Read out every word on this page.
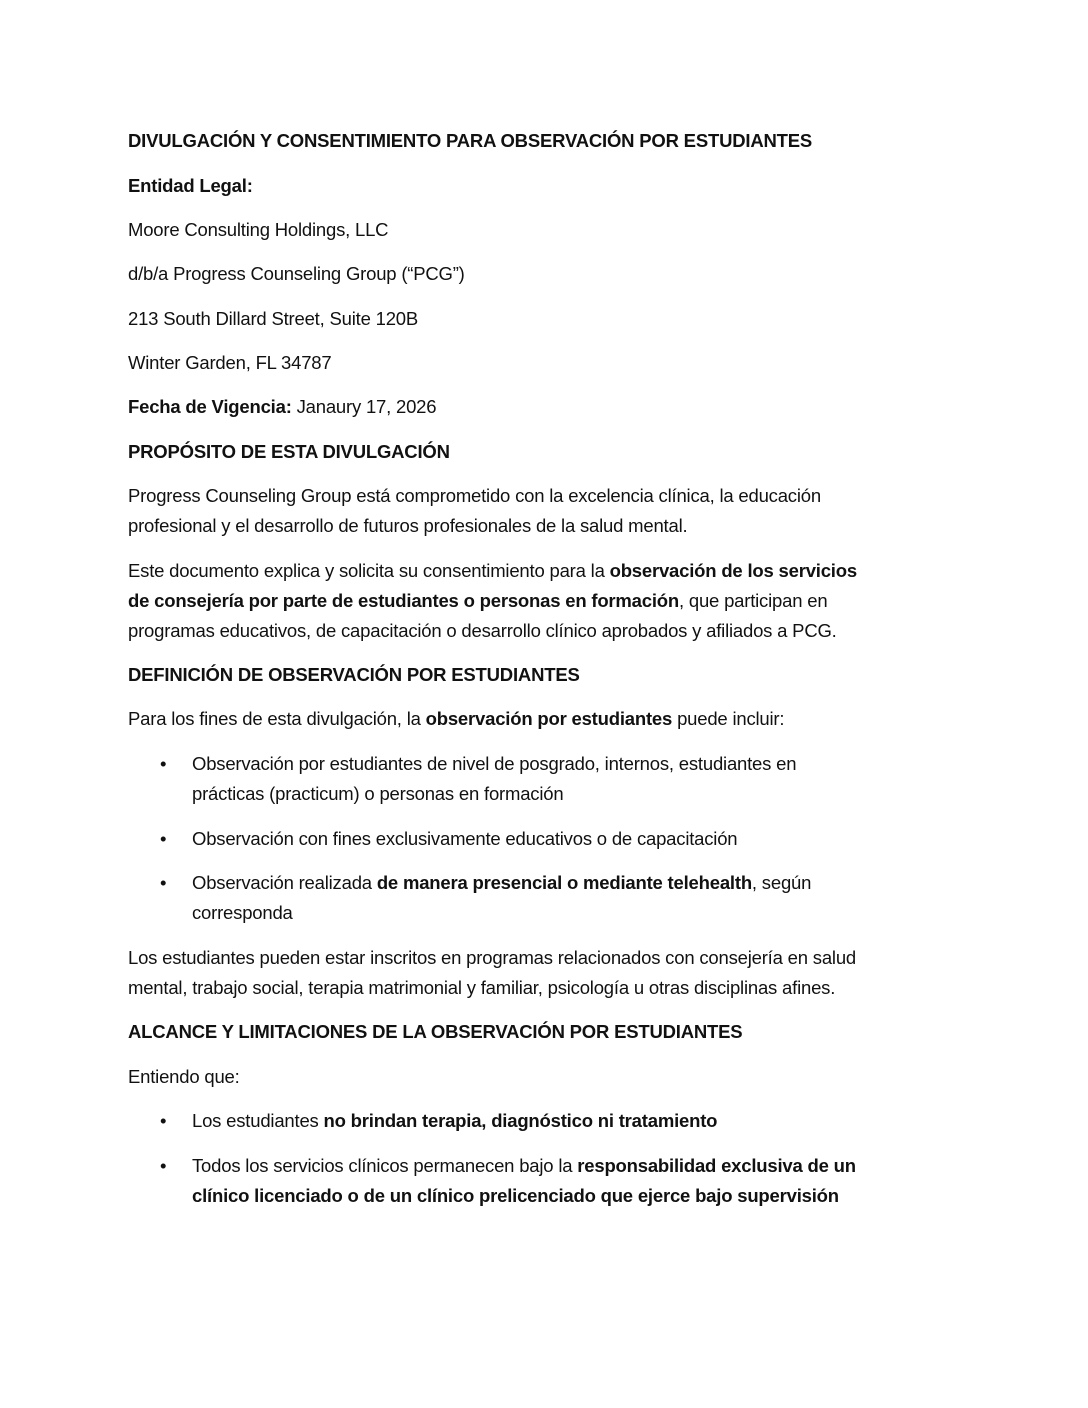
DIVULGACIÓN Y CONSENTIMIENTO PARA OBSERVACIÓN POR ESTUDIANTES
Entidad Legal:
Moore Consulting Holdings, LLC
d/b/a Progress Counseling Group (“PCG”)
213 South Dillard Street, Suite 120B
Winter Garden, FL 34787
Fecha de Vigencia: Janaury 17, 2026
PROPÓSITO DE ESTA DIVULGACIÓN
Progress Counseling Group está comprometido con la excelencia clínica, la educación
profesional y el desarrollo de futuros profesionales de la salud mental.
Este documento explica y solicita su consentimiento para la observación de los servicios
de consejería por parte de estudiantes o personas en formación, que participan en
programas educativos, de capacitación o desarrollo clínico aprobados y afiliados a PCG.
DEFINICIÓN DE OBSERVACIÓN POR ESTUDIANTES
Para los fines de esta divulgación, la observación por estudiantes puede incluir:
•	Observación por estudiantes de nivel de posgrado, internos, estudiantes en
prácticas (practicum) o personas en formación
•	Observación con fines exclusivamente educativos o de capacitación
•	Observación realizada de manera presencial o mediante telehealth, según
corresponda
Los estudiantes pueden estar inscritos en programas relacionados con consejería en salud
mental, trabajo social, terapia matrimonial y familiar, psicología u otras disciplinas afines.
ALCANCE Y LIMITACIONES DE LA OBSERVACIÓN POR ESTUDIANTES
Entiendo que:
•	Los estudiantes no brindan terapia, diagnóstico ni tratamiento
•	Todos los servicios clínicos permanecen bajo la responsabilidad exclusiva de un
clínico licenciado o de un clínico prelicenciado que ejerce bajo supervisión
